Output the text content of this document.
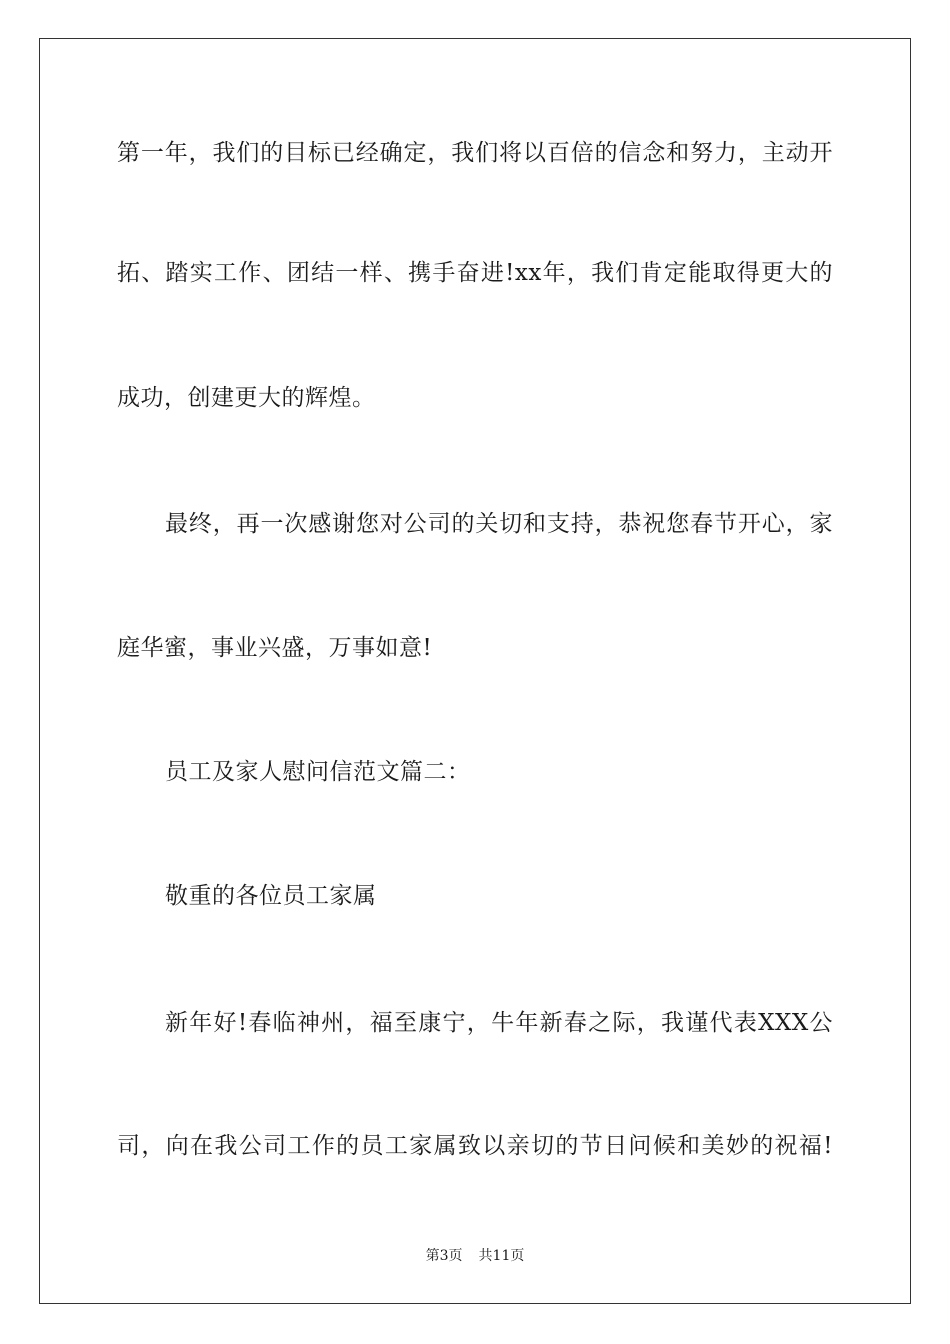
第一年，我们的目标已经确定，我们将以百倍的信念和努力，主动开
拓、踏实工作、团结一样、携手奋进!xx年，我们肯定能取得更大的
成功，创建更大的辉煌。
最终，再一次感谢您对公司的关切和支持，恭祝您春节开心，家
庭华蜜，事业兴盛，万事如意!
员工及家人慰问信范文篇二：
敬重的各位员工家属
新年好!春临神州，福至康宁，牛年新春之际，我谨代表XXX公
司，向在我公司工作的员工家属致以亲切的节日问候和美妙的祝福!
第3页 共11页
